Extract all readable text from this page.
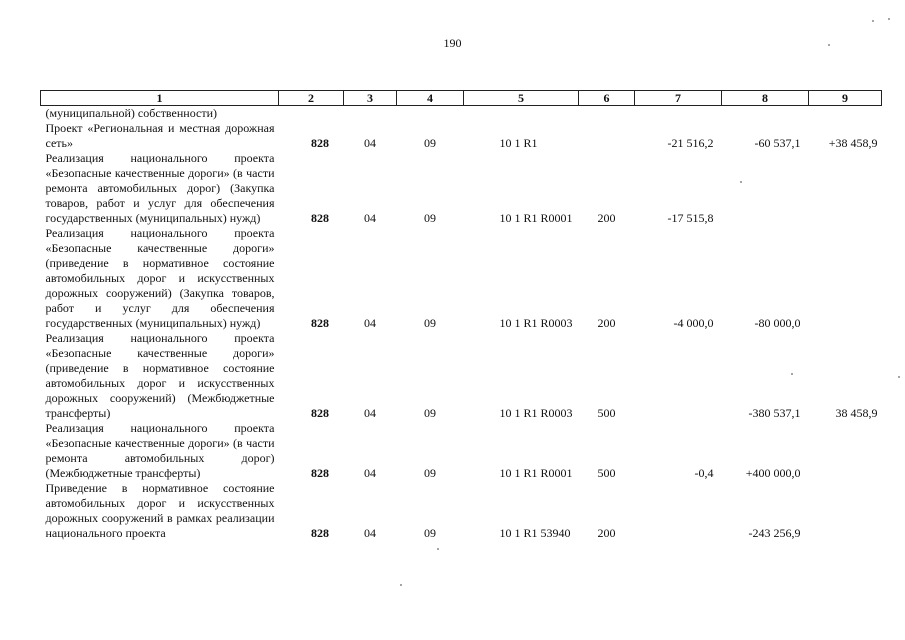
190
1	2	3	4	5	6	7	8	9
(муниципальной) собственности)								
Проект «Региональная и местная дорожная сеть»	828	04	09	10 1 R1		-21 516,2	-60 537,1	+38 458,9
Реализация национального проекта «Безопасные качественные дороги» (в части ремонта автомобильных дорог) (Закупка товаров, работ и услуг для обеспечения государственных (муниципальных) нужд)	828	04	09	10 1 R1 R0001	200	-17 515,8		
Реализация национального проекта «Безопасные качественные дороги» (приведение в нормативное состояние автомобильных дорог и искусственных дорожных сооружений) (Закупка товаров, работ и услуг для обеспечения государственных (муниципальных) нужд)	828	04	09	10 1 R1 R0003	200	-4 000,0	-80 000,0	
Реализация национального проекта «Безопасные качественные дороги» (приведение в нормативное состояние автомобильных дорог и искусственных дорожных сооружений) (Межбюджетные трансферты)	828	04	09	10 1 R1 R0003	500		-380 537,1	38 458,9
Реализация национального проекта «Безопасные качественные дороги» (в части ремонта автомобильных дорог) (Межбюджетные трансферты)	828	04	09	10 1 R1 R0001	500	-0,4	+400 000,0	
Приведение в нормативное состояние автомобильных дорог и искусственных дорожных сооружений в рамках реализации национального проекта	828	04	09	10 1 R1 53940	200		-243 256,9	
